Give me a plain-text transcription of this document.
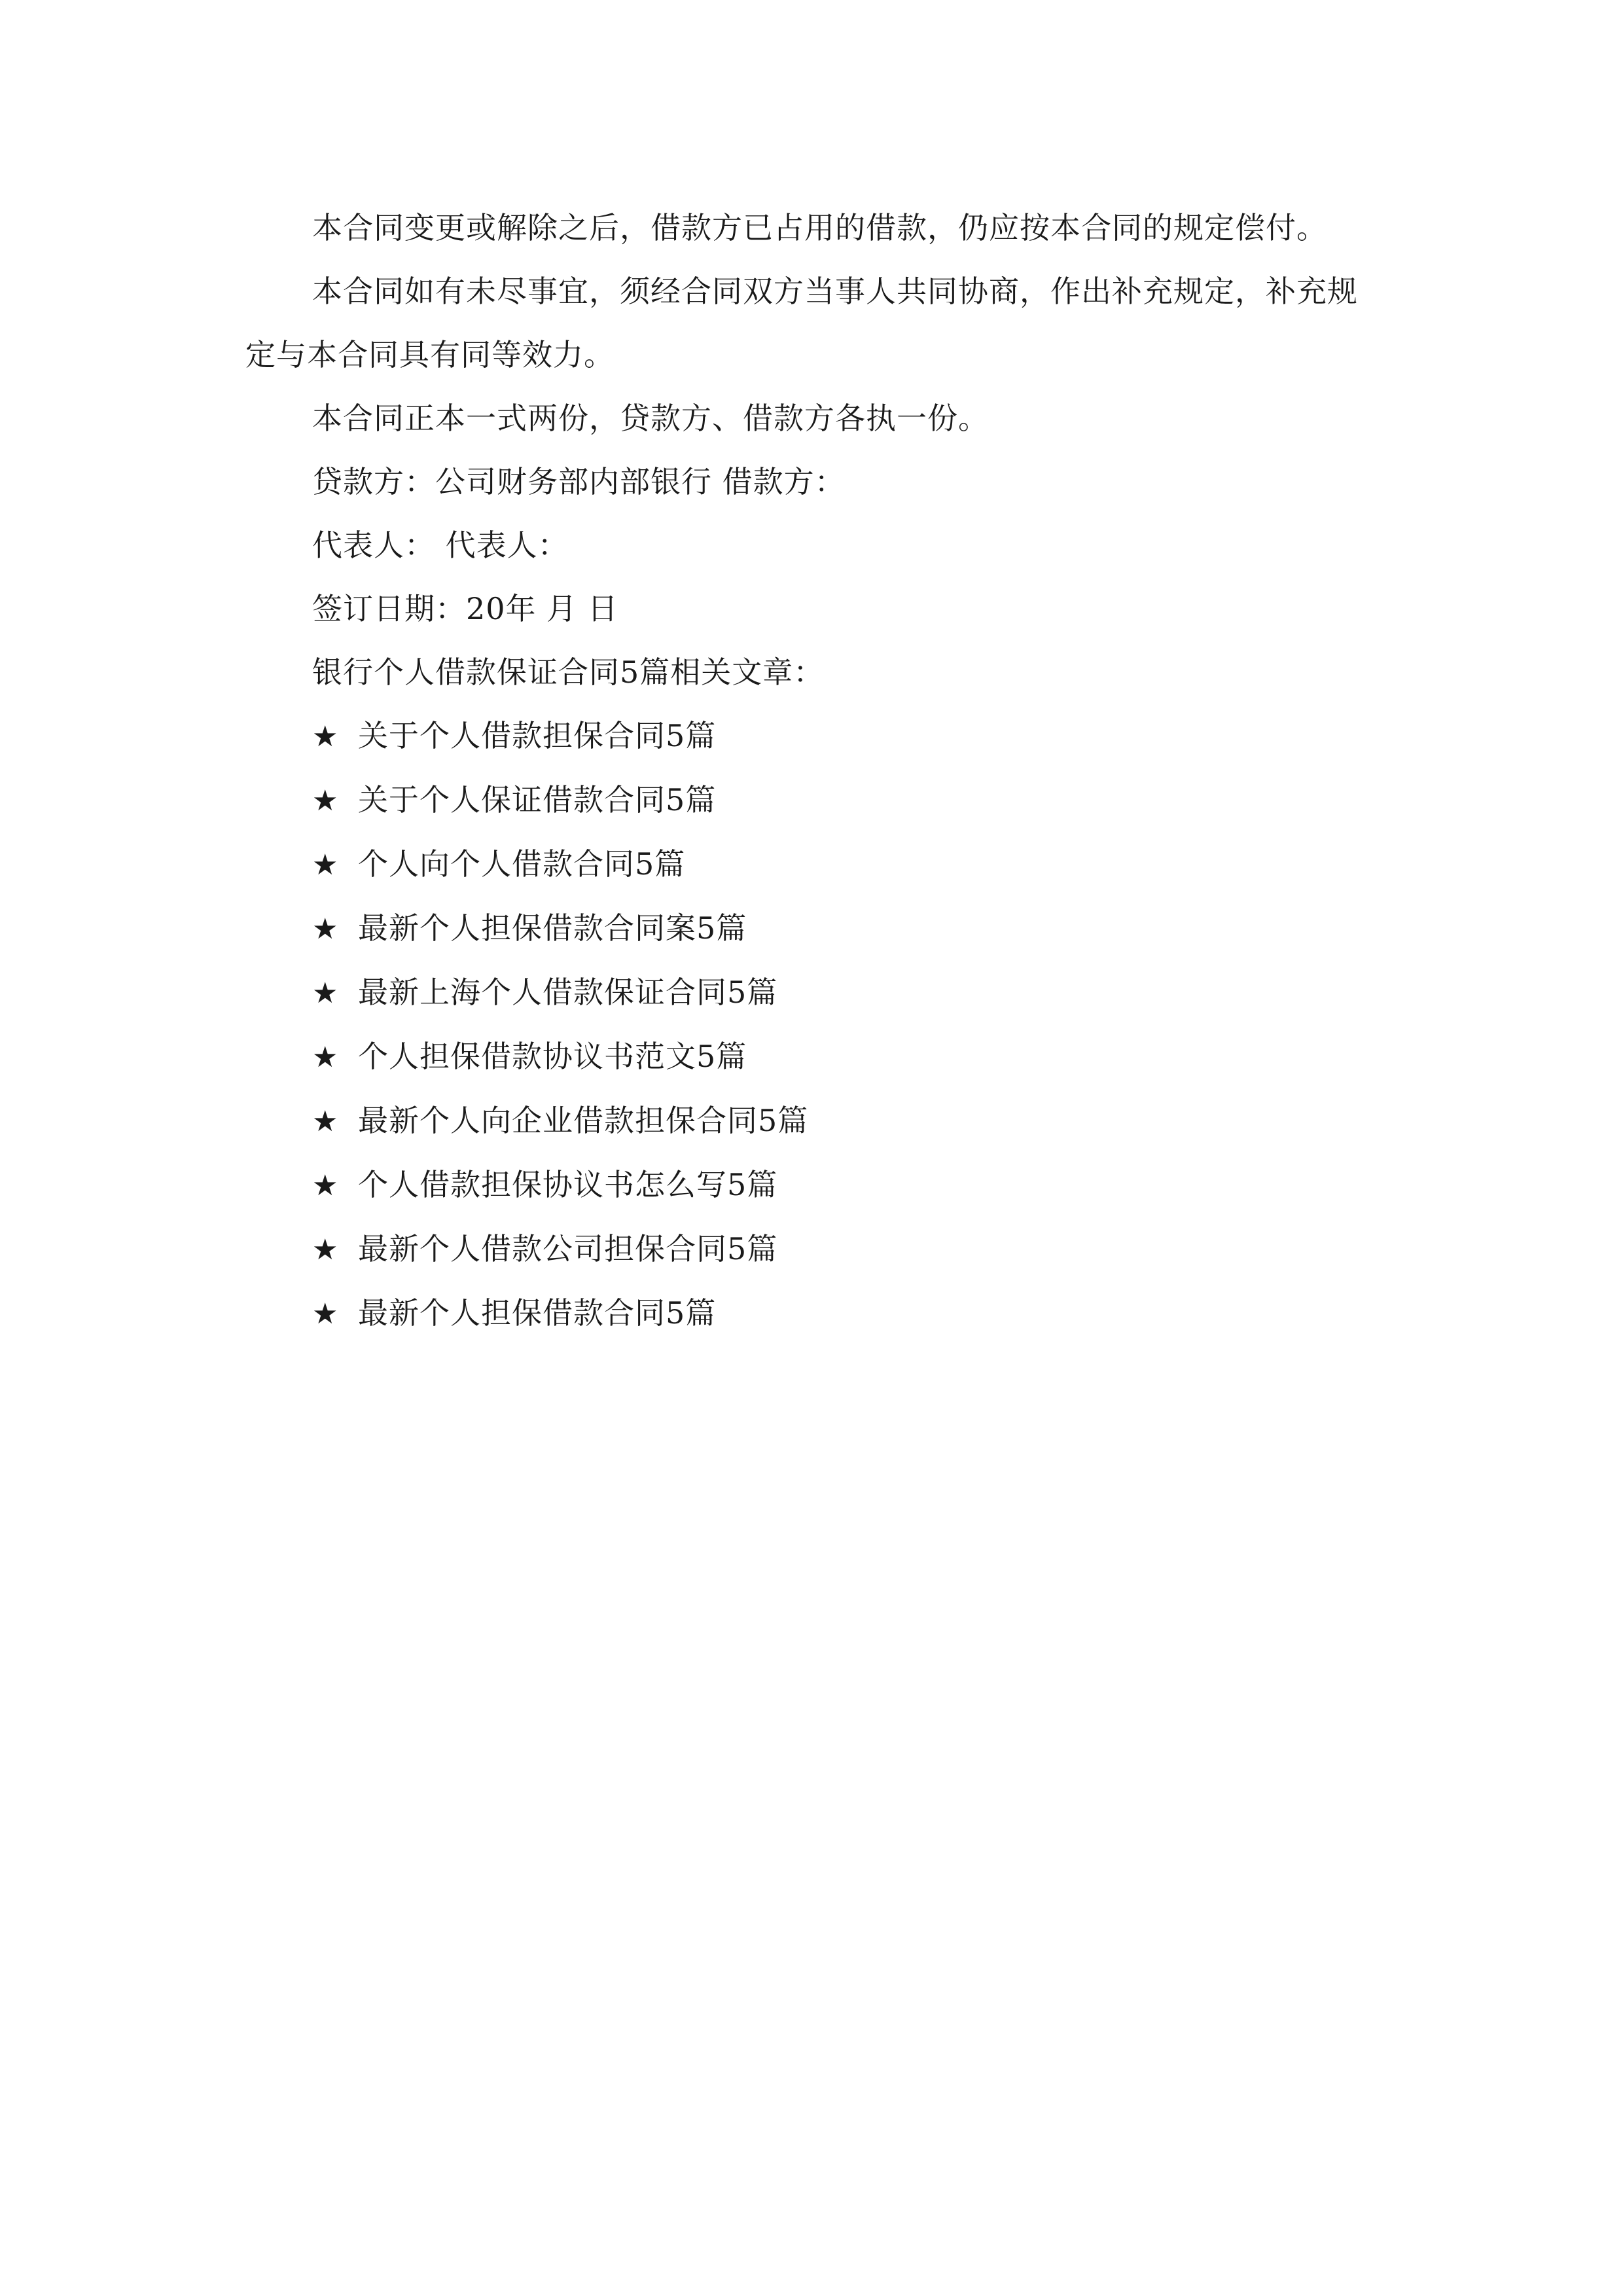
本合同变更或解除之后，借款方已占用的借款，仍应按本合同的规定偿付。

本合同如有未尽事宜，须经合同双方当事人共同协商，作出补充规定，补充规定与本合同具有同等效力。

本合同正本一式两份，贷款方、借款方各执一份。

贷款方：公司财务部内部银行 借款方：

代表人： 代表人：

签订日期：20年 月 日

银行个人借款保证合同5篇相关文章：

★ 关于个人借款担保合同5篇
★ 关于个人保证借款合同5篇
★ 个人向个人借款合同5篇
★ 最新个人担保借款合同案5篇
★ 最新上海个人借款保证合同5篇
★ 个人担保借款协议书范文5篇
★ 最新个人向企业借款担保合同5篇
★ 个人借款担保协议书怎么写5篇
★ 最新个人借款公司担保合同5篇
★ 最新个人担保借款合同5篇
